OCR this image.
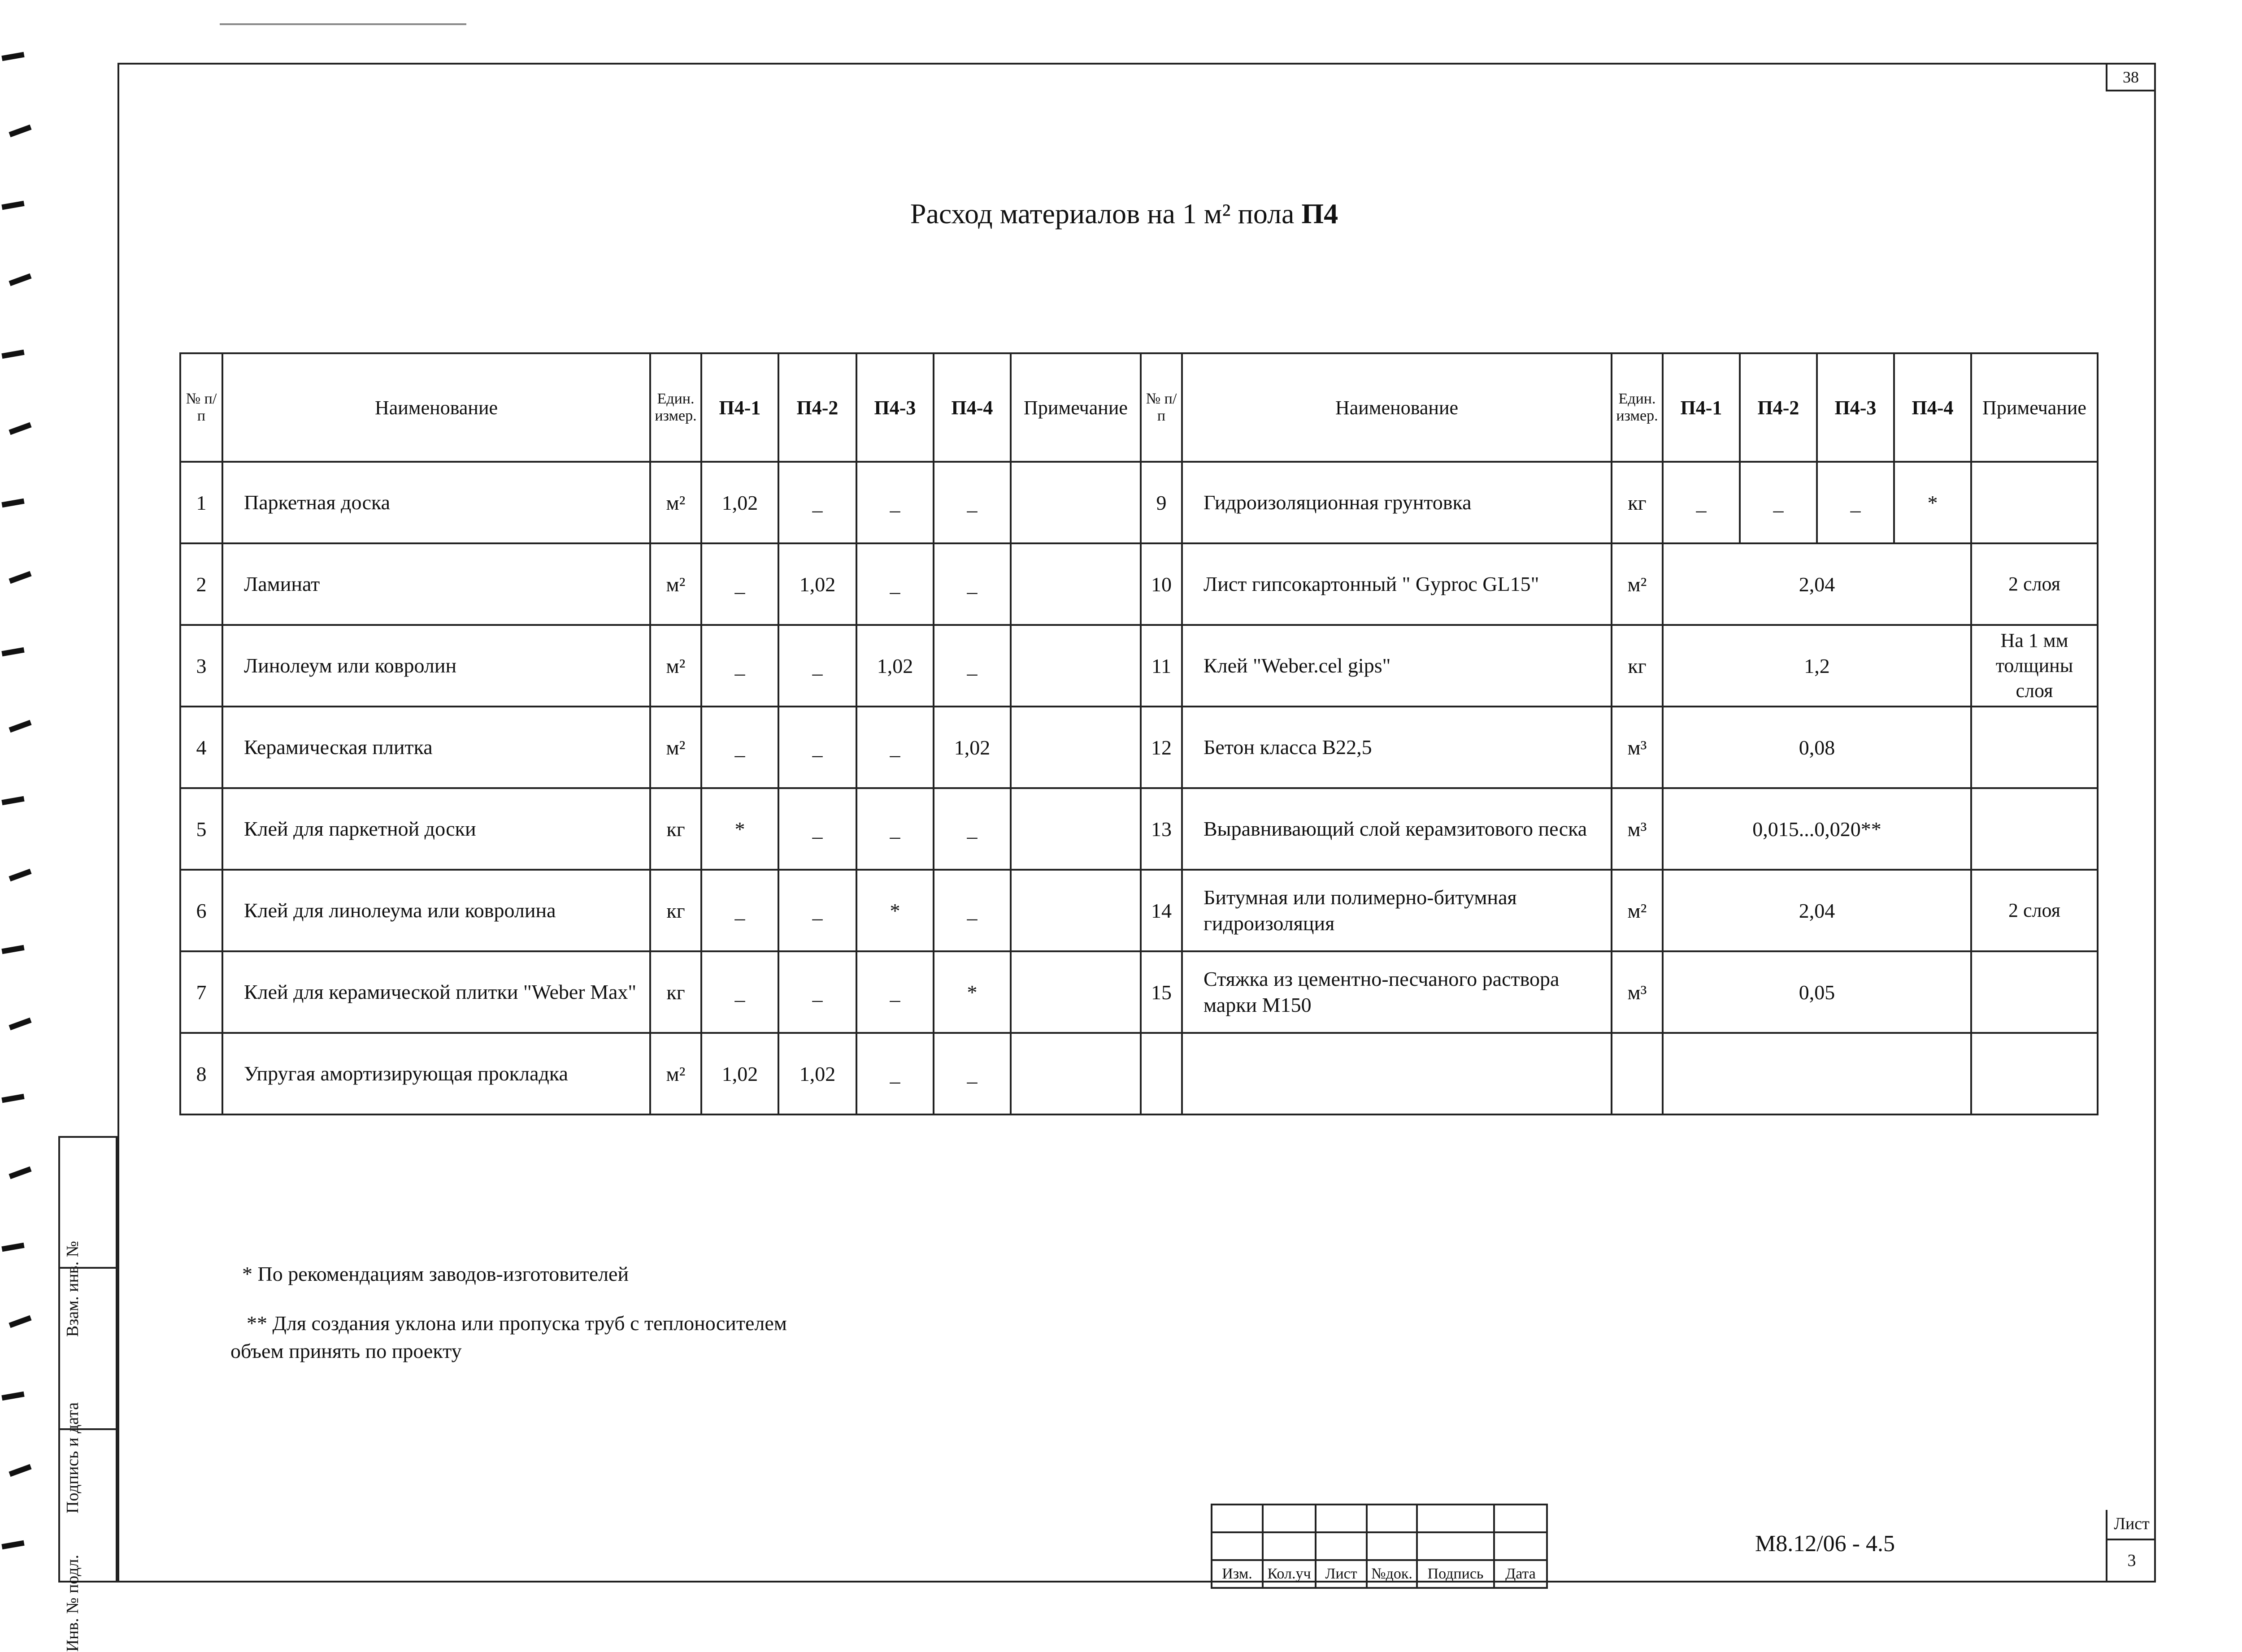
38
Расход материалов на 1 м² пола П4
№ п/п	Наименование	Един. измер.	П4-1	П4-2	П4-3	П4-4	Примечание	№ п/п	Наименование	Един. измер.	П4-1	П4-2	П4-3	П4-4	Примечание
1	Паркетная доска	м²	1,02	_	_	_		9	Гидроизоляционная грунтовка	кг	_	_	_	*	
2	Ламинат	м²	_	1,02	_	_		10	Лист гипсокартонный " Gyproc GL15"	м²	2,04				2 слоя
3	Линолеум или ковролин	м²	_	_	1,02	_		11	Клей "Weber.cel gips"	кг	1,2				На 1 мм толщины слоя
4	Керамическая плитка	м²	_	_	_	1,02		12	Бетон класса B22,5	м³	0,08				
5	Клей для паркетной доски	кг	*	_	_	_		13	Выравнивающий слой керамзитового песка	м³	0,015...0,020**				
6	Клей для линолеума или ковролина	кг	_	_	*	_		14	Битумная или полимерно-битумная гидроизоляция	м²	2,04				2 слоя
7	Клей для керамической плитки "Weber Max"	кг	_	_	_	*		15	Стяжка из цементно-песчаного раствора марки М150	м³	0,05				
8	Упругая амортизирующая прокладка	м²	1,02	1,02	_	_									
* По рекомендациям заводов-изготовителей
** Для создания уклона или пропуска труб с теплоносителем
объем принять по проекту
Взам. инв. №
Подпись и дата
Инв. № подл.

						Изм.	Кол.уч	Лист	№док.	Подпись	Дата
М8.12/06 - 4.5
Лист
3
